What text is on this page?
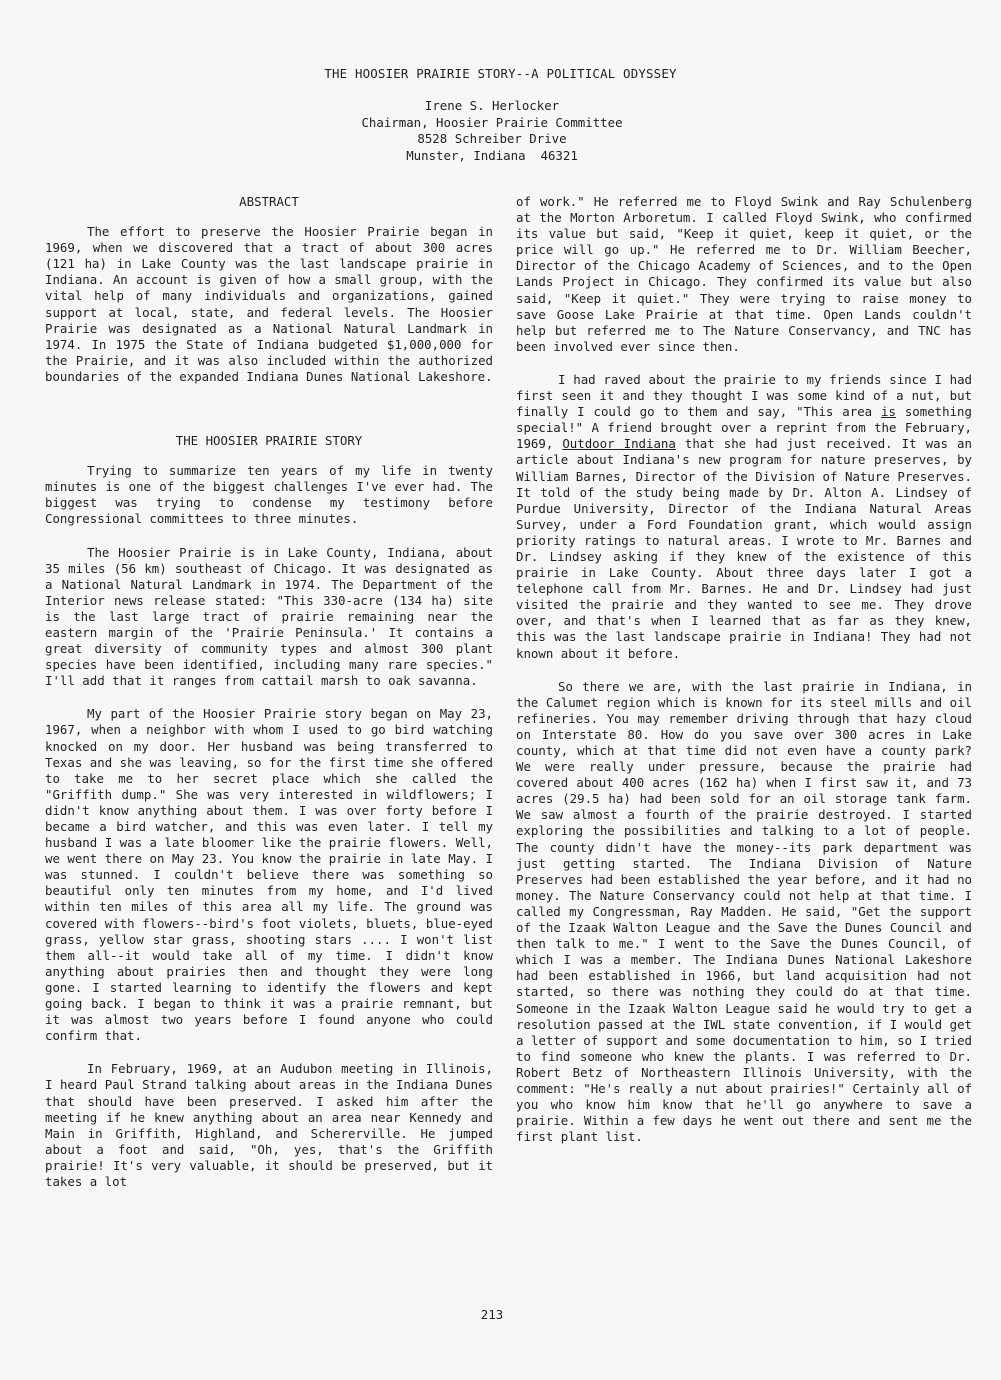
THE HOOSIER PRAIRIE STORY--A POLITICAL ODYSSEY
Irene S. Herlocker
Chairman, Hoosier Prairie Committee
8528 Schreiber Drive
Munster, Indiana  46321
ABSTRACT

The effort to preserve the Hoosier Prairie began in 1969, when we discovered that a tract of about 300 acres (121 ha) in Lake County was the last landscape prairie in Indiana. An account is given of how a small group, with the vital help of many individuals and organizations, gained support at local, state, and federal levels. The Hoosier Prairie was designated as a National Natural Landmark in 1974. In 1975 the State of Indiana budgeted $1,000,000 for the Prairie, and it was also included within the authorized boundaries of the expanded Indiana Dunes National Lakeshore.

THE HOOSIER PRAIRIE STORY

Trying to summarize ten years of my life in twenty minutes is one of the biggest challenges I've ever had. The biggest was trying to condense my testimony before Congressional committees to three minutes.

The Hoosier Prairie is in Lake County, Indiana, about 35 miles (56 km) southeast of Chicago. It was designated as a National Natural Landmark in 1974. The Department of the Interior news release stated: "This 330-acre (134 ha) site is the last large tract of prairie remaining near the eastern margin of the 'Prairie Peninsula.' It contains a great diversity of community types and almost 300 plant species have been identified, including many rare species." I'll add that it ranges from cattail marsh to oak savanna.

My part of the Hoosier Prairie story began on May 23, 1967, when a neighbor with whom I used to go bird watching knocked on my door. Her husband was being transferred to Texas and she was leaving, so for the first time she offered to take me to her secret place which she called the "Griffith dump." She was very interested in wildflowers; I didn't know anything about them. I was over forty before I became a bird watcher, and this was even later. I tell my husband I was a late bloomer like the prairie flowers. Well, we went there on May 23. You know the prairie in late May. I was stunned. I couldn't believe there was something so beautiful only ten minutes from my home, and I'd lived within ten miles of this area all my life. The ground was covered with flowers--bird's foot violets, bluets, blue-eyed grass, yellow star grass, shooting stars .... I won't list them all--it would take all of my time. I didn't know anything about prairies then and thought they were long gone. I started learning to identify the flowers and kept going back. I began to think it was a prairie remnant, but it was almost two years before I found anyone who could confirm that.

In February, 1969, at an Audubon meeting in Illinois, I heard Paul Strand talking about areas in the Indiana Dunes that should have been preserved. I asked him after the meeting if he knew anything about an area near Kennedy and Main in Griffith, Highland, and Schererville. He jumped about a foot and said, "Oh, yes, that's the Griffith prairie! It's very valuable, it should be preserved, but it takes a lot

of work." He referred me to Floyd Swink and Ray Schulenberg at the Morton Arboretum. I called Floyd Swink, who confirmed its value but said, "Keep it quiet, keep it quiet, or the price will go up." He referred me to Dr. William Beecher, Director of the Chicago Academy of Sciences, and to the Open Lands Project in Chicago. They confirmed its value but also said, "Keep it quiet." They were trying to raise money to save Goose Lake Prairie at that time. Open Lands couldn't help but referred me to The Nature Conservancy, and TNC has been involved ever since then.

I had raved about the prairie to my friends since I had first seen it and they thought I was some kind of a nut, but finally I could go to them and say, "This area is something special!" A friend brought over a reprint from the February, 1969, Outdoor Indiana that she had just received. It was an article about Indiana's new program for nature preserves, by William Barnes, Director of the Division of Nature Preserves. It told of the study being made by Dr. Alton A. Lindsey of Purdue University, Director of the Indiana Natural Areas Survey, under a Ford Foundation grant, which would assign priority ratings to natural areas. I wrote to Mr. Barnes and Dr. Lindsey asking if they knew of the existence of this prairie in Lake County. About three days later I got a telephone call from Mr. Barnes. He and Dr. Lindsey had just visited the prairie and they wanted to see me. They drove over, and that's when I learned that as far as they knew, this was the last landscape prairie in Indiana! They had not known about it before.

So there we are, with the last prairie in Indiana, in the Calumet region which is known for its steel mills and oil refineries. You may remember driving through that hazy cloud on Interstate 80. How do you save over 300 acres in Lake county, which at that time did not even have a county park? We were really under pressure, because the prairie had covered about 400 acres (162 ha) when I first saw it, and 73 acres (29.5 ha) had been sold for an oil storage tank farm. We saw almost a fourth of the prairie destroyed. I started exploring the possibilities and talking to a lot of people. The county didn't have the money--its park department was just getting started. The Indiana Division of Nature Preserves had been established the year before, and it had no money. The Nature Conservancy could not help at that time. I called my Congressman, Ray Madden. He said, "Get the support of the Izaak Walton League and the Save the Dunes Council and then talk to me." I went to the Save the Dunes Council, of which I was a member. The Indiana Dunes National Lakeshore had been established in 1966, but land acquisition had not started, so there was nothing they could do at that time. Someone in the Izaak Walton League said he would try to get a resolution passed at the IWL state convention, if I would get a letter of support and some documentation to him, so I tried to find someone who knew the plants. I was referred to Dr. Robert Betz of Northeastern Illinois University, with the comment: "He's really a nut about prairies!" Certainly all of you who know him know that he'll go anywhere to save a prairie. Within a few days he went out there and sent me the first plant list.

213
